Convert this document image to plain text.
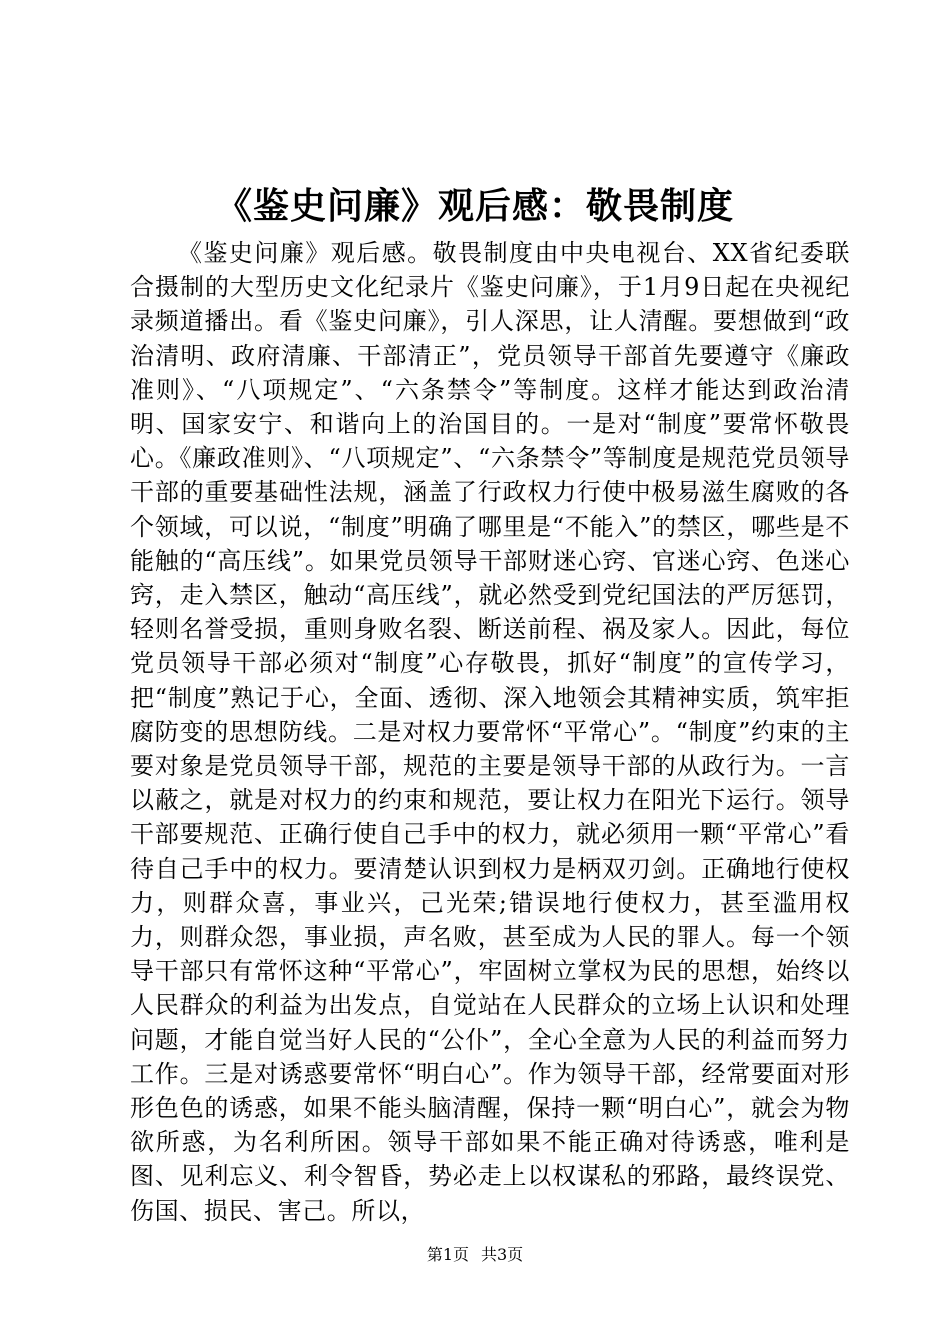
《鉴史问廉》观后感：敬畏制度

《鉴史问廉》观后感。敬畏制度由中央电视台、XX省纪委联合摄制的大型历史文化纪录片《鉴史问廉》，于1月9日起在央视纪录频道播出。看《鉴史问廉》，引人深思，让人清醒。要想做到“政治清明、政府清廉、干部清正”，党员领导干部首先要遵守《廉政准则》、“八项规定”、“六条禁令”等制度。这样才能达到政治清明、国家安宁、和谐向上的治国目的。一是对“制度”要常怀敬畏心。《廉政准则》、“八项规定”、“六条禁令”等制度是规范党员领导干部的重要基础性法规，涵盖了行政权力行使中极易滋生腐败的各个领域，可以说，“制度”明确了哪里是“不能入”的禁区，哪些是不能触的“高压线”。如果党员领导干部财迷心窍、官迷心窍、色迷心窍，走入禁区，触动“高压线”，就必然受到党纪国法的严厉惩罚，轻则名誉受损，重则身败名裂、断送前程、祸及家人。因此，每位党员领导干部必须对“制度”心存敬畏，抓好“制度”的宣传学习，把“制度”熟记于心，全面、透彻、深入地领会其精神实质，筑牢拒腐防变的思想防线。二是对权力要常怀“平常心”。“制度”约束的主要对象是党员领导干部，规范的主要是领导干部的从政行为。一言以蔽之，就是对权力的约束和规范，要让权力在阳光下运行。领导干部要规范、正确行使自己手中的权力，就必须用一颗“平常心”看待自己手中的权力。要清楚认识到权力是柄双刃剑。正确地行使权力，则群众喜，事业兴，己光荣;错误地行使权力，甚至滥用权力，则群众怨，事业损，声名败，甚至成为人民的罪人。每一个领导干部只有常怀这种“平常心”，牢固树立掌权为民的思想，始终以人民群众的利益为出发点，自觉站在人民群众的立场上认识和处理问题，才能自觉当好人民的“公仆”，全心全意为人民的利益而努力工作。三是对诱惑要常怀“明白心”。作为领导干部，经常要面对形形色色的诱惑，如果不能头脑清醒，保持一颗“明白心”，就会为物欲所惑，为名利所困。领导干部如果不能正确对待诱惑，唯利是图、见利忘义、利令智昏，势必走上以权谋私的邪路，最终误党、伤国、损民、害己。所以，

第1页 共3页
